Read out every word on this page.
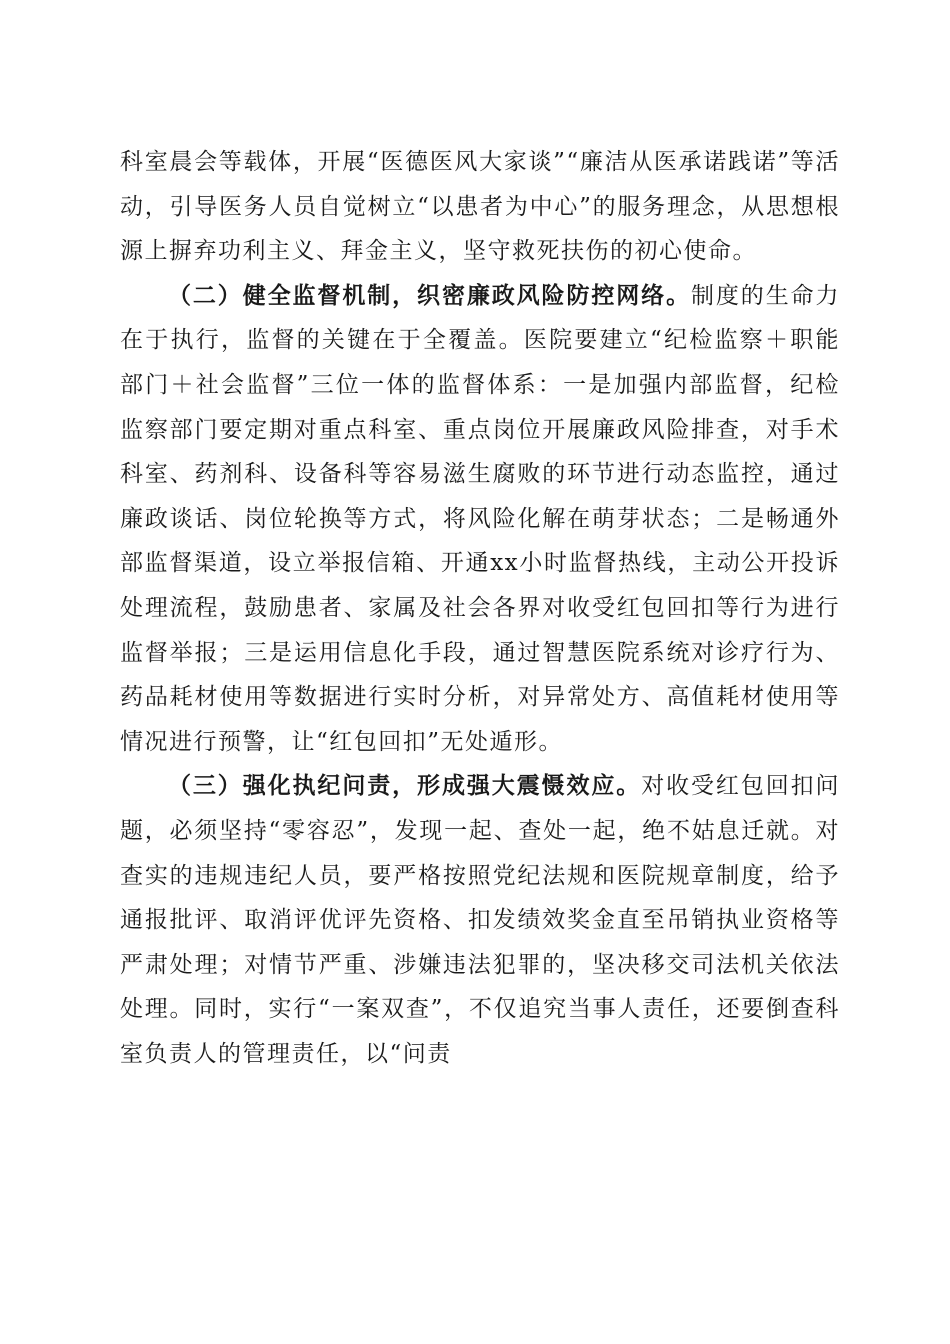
科室晨会等载体，开展“医德医风大家谈”“廉洁从医承诺践诺”等活动，引导医务人员自觉树立“以患者为中心”的服务理念，从思想根源上摒弃功利主义、拜金主义，坚守救死扶伤的初心使命。

（二）健全监督机制，织密廉政风险防控网络。制度的生命力在于执行，监督的关键在于全覆盖。医院要建立“纪检监察＋职能部门＋社会监督”三位一体的监督体系：一是加强内部监督，纪检监察部门要定期对重点科室、重点岗位开展廉政风险排查，对手术科室、药剂科、设备科等容易滋生腐败的环节进行动态监控，通过廉政谈话、岗位轮换等方式，将风险化解在萌芽状态；二是畅通外部监督渠道，设立举报信箱、开通xx小时监督热线，主动公开投诉处理流程，鼓励患者、家属及社会各界对收受红包回扣等行为进行监督举报；三是运用信息化手段，通过智慧医院系统对诊疗行为、药品耗材使用等数据进行实时分析，对异常处方、高值耗材使用等情况进行预警，让“红包回扣”无处遁形。

（三）强化执纪问责，形成强大震慑效应。对收受红包回扣问题，必须坚持“零容忍”，发现一起、查处一起，绝不姑息迁就。对查实的违规违纪人员，要严格按照党纪法规和医院规章制度，给予通报批评、取消评优评先资格、扣发绩效奖金直至吊销执业资格等严肃处理；对情节严重、涉嫌违法犯罪的，坚决移交司法机关依法处理。同时，实行“一案双查”，不仅追究当事人责任，还要倒查科室负责人的管理责任，以“问责
